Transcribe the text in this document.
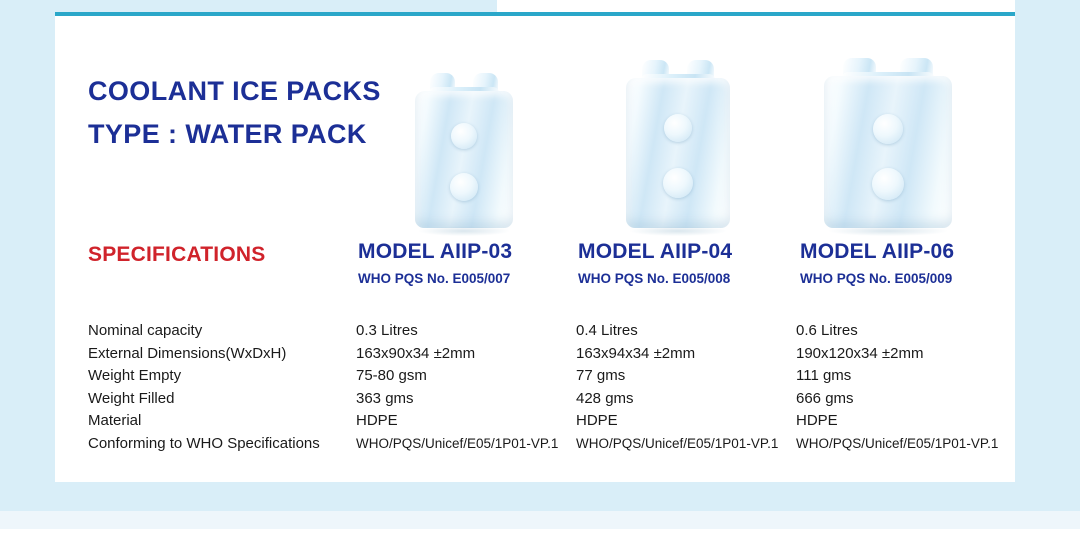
COOLANT ICE PACKS
TYPE : WATER PACK
SPECIFICATIONS	MODEL AIIP-03
WHO PQS No. E005/007
MODEL AIIP-04
WHO PQS No. E005/008
MODEL AIIP-06
WHO PQS No. E005/009
Nominal capacity
External Dimensions(WxDxH)
Weight Empty
Weight Filled
Material
Conforming to WHO Specifications
0.3 Litres
163x90x34 ±2mm
75-80 gsm
363 gms
HDPE
WHO/PQS/Unicef/E05/1P01-VP.1
0.4 Litres
163x94x34 ±2mm
77 gms
428 gms
HDPE
WHO/PQS/Unicef/E05/1P01-VP.1
0.6 Litres
190x120x34 ±2mm
111 gms
666 gms
HDPE
WHO/PQS/Unicef/E05/1P01-VP.1
